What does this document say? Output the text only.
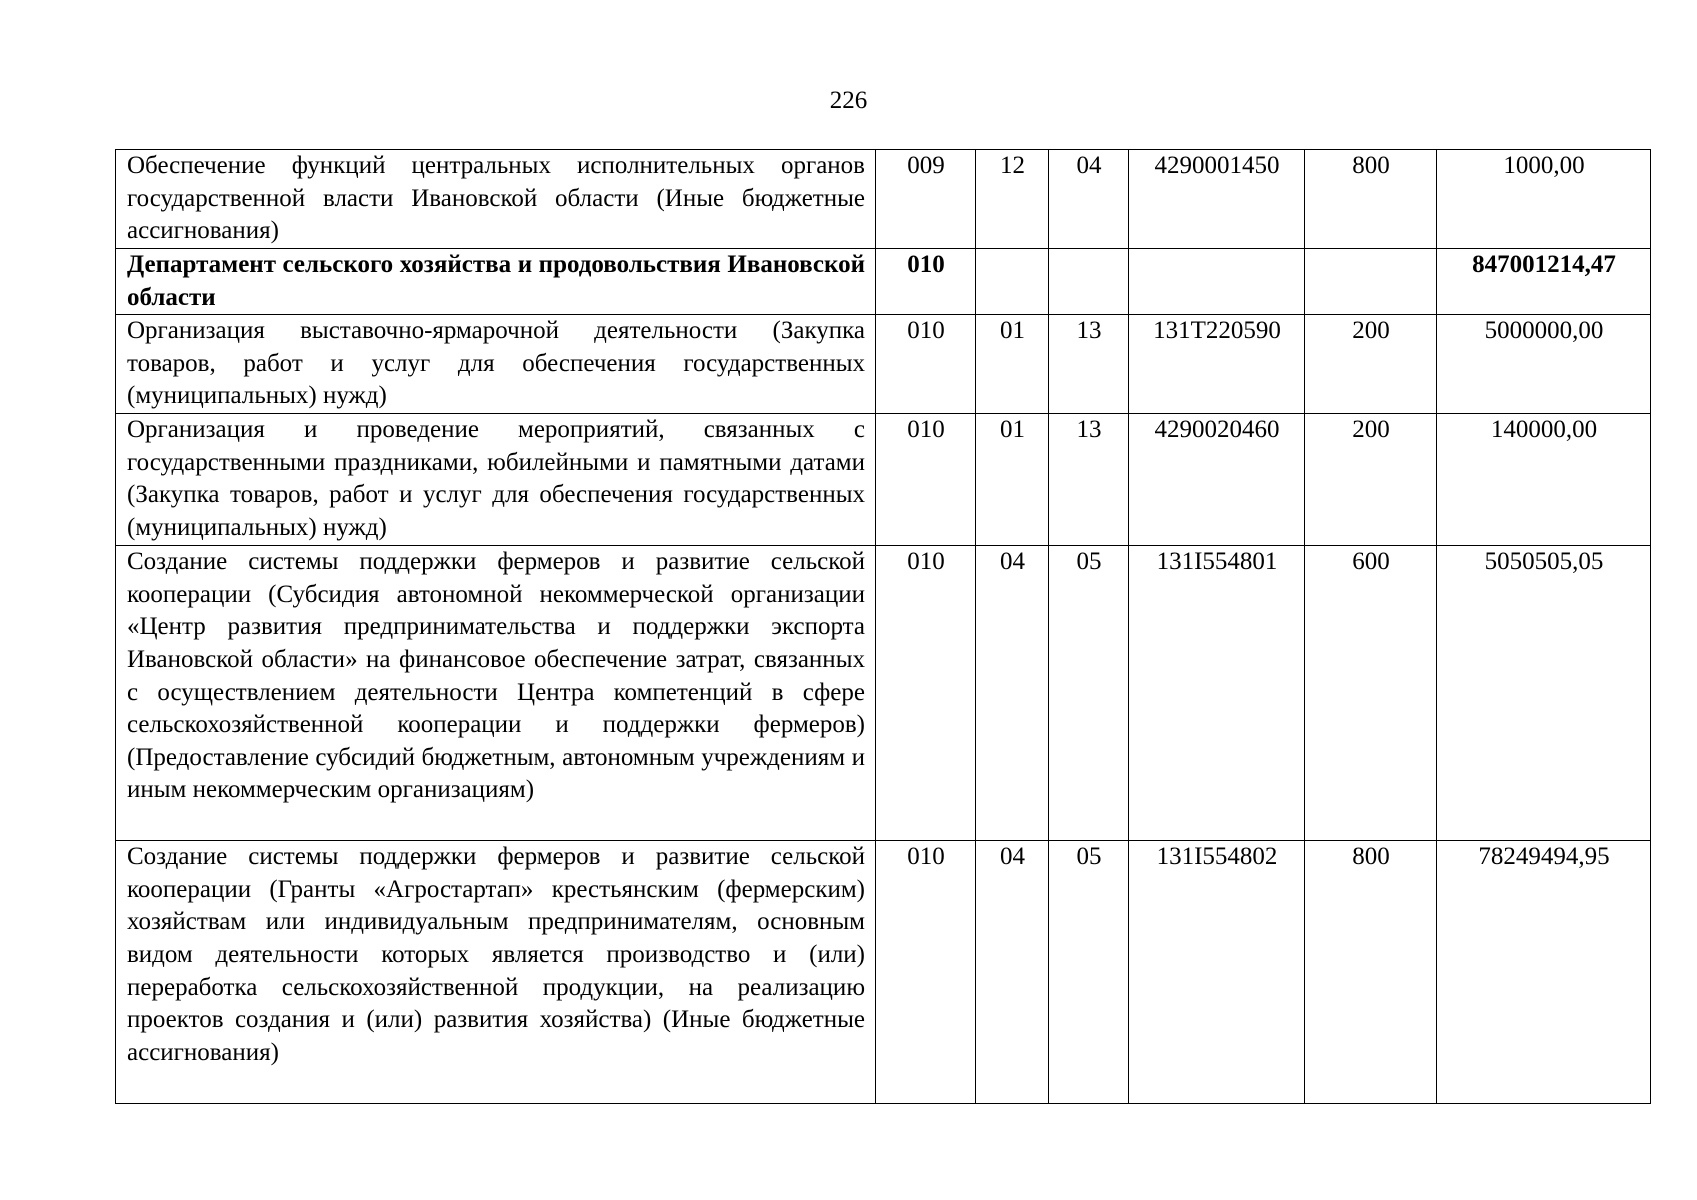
226
Обеспечение функций центральных исполнительных органов государственной власти Ивановской области (Иные бюджетные ассигнования)	009	12	04	4290001450	800	1000,00
Департамент сельского хозяйства и продовольствия Ивановской области	010					847001214,47
Организация выставочно-ярмарочной деятельности (Закупка товаров, работ и услуг для обеспечения государственных (муниципальных) нужд)	010	01	13	131Т220590	200	5000000,00
Организация и проведение мероприятий, связанных с государственными праздниками, юбилейными и памятными датами (Закупка товаров, работ и услуг для обеспечения государственных (муниципальных) нужд)	010	01	13	4290020460	200	140000,00
Создание системы поддержки фермеров и развитие сельской кооперации (Субсидия автономной некоммерческой организации «Центр развития предпринимательства и поддержки экспорта Ивановской области» на финансовое обеспечение затрат, связанных с осуществлением деятельности Центра компетенций в сфере сельскохозяйственной кооперации и поддержки фермеров) (Предоставление субсидий бюджетным, автономным учреждениям и иным некоммерческим организациям)	010	04	05	131I554801	600	5050505,05
Создание системы поддержки фермеров и развитие сельской кооперации (Гранты «Агростартап» крестьянским (фермерским) хозяйствам или индивидуальным предпринимателям, основным видом деятельности которых является производство и (или) переработка сельскохозяйственной продукции, на реализацию проектов создания и (или) развития хозяйства) (Иные бюджетные ассигнования)	010	04	05	131I554802	800	78249494,95
